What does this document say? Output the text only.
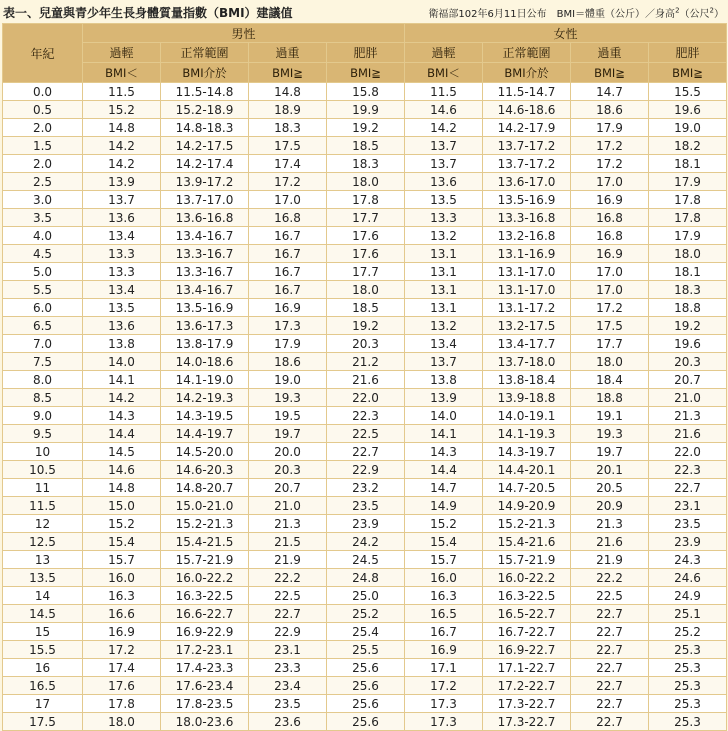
表一、兒童與青少年生長身體質量指數（BMI）建議值	衛福部102年6月11日公布 BMI＝體重（公斤）／身高$^2$（公尺$^2$）
年紀	男性				女性			
	過輕	正常範圍	過重	肥胖	過輕	正常範圍	過重	肥胖
	BMI＜	BMI介於	BMI≧	BMI≧	BMI＜	BMI介於	BMI≧	BMI≧
0.0	11.5	11.5-14.8	14.8	15.8	11.5	11.5-14.7	14.7	15.5
0.5	15.2	15.2-18.9	18.9	19.9	14.6	14.6-18.6	18.6	19.6
2.0	14.8	14.8-18.3	18.3	19.2	14.2	14.2-17.9	17.9	19.0
1.5	14.2	14.2-17.5	17.5	18.5	13.7	13.7-17.2	17.2	18.2
2.0	14.2	14.2-17.4	17.4	18.3	13.7	13.7-17.2	17.2	18.1
2.5	13.9	13.9-17.2	17.2	18.0	13.6	13.6-17.0	17.0	17.9
3.0	13.7	13.7-17.0	17.0	17.8	13.5	13.5-16.9	16.9	17.8
3.5	13.6	13.6-16.8	16.8	17.7	13.3	13.3-16.8	16.8	17.8
4.0	13.4	13.4-16.7	16.7	17.6	13.2	13.2-16.8	16.8	17.9
4.5	13.3	13.3-16.7	16.7	17.6	13.1	13.1-16.9	16.9	18.0
5.0	13.3	13.3-16.7	16.7	17.7	13.1	13.1-17.0	17.0	18.1
5.5	13.4	13.4-16.7	16.7	18.0	13.1	13.1-17.0	17.0	18.3
6.0	13.5	13.5-16.9	16.9	18.5	13.1	13.1-17.2	17.2	18.8
6.5	13.6	13.6-17.3	17.3	19.2	13.2	13.2-17.5	17.5	19.2
7.0	13.8	13.8-17.9	17.9	20.3	13.4	13.4-17.7	17.7	19.6
7.5	14.0	14.0-18.6	18.6	21.2	13.7	13.7-18.0	18.0	20.3
8.0	14.1	14.1-19.0	19.0	21.6	13.8	13.8-18.4	18.4	20.7
8.5	14.2	14.2-19.3	19.3	22.0	13.9	13.9-18.8	18.8	21.0
9.0	14.3	14.3-19.5	19.5	22.3	14.0	14.0-19.1	19.1	21.3
9.5	14.4	14.4-19.7	19.7	22.5	14.1	14.1-19.3	19.3	21.6
10	14.5	14.5-20.0	20.0	22.7	14.3	14.3-19.7	19.7	22.0
10.5	14.6	14.6-20.3	20.3	22.9	14.4	14.4-20.1	20.1	22.3
11	14.8	14.8-20.7	20.7	23.2	14.7	14.7-20.5	20.5	22.7
11.5	15.0	15.0-21.0	21.0	23.5	14.9	14.9-20.9	20.9	23.1
12	15.2	15.2-21.3	21.3	23.9	15.2	15.2-21.3	21.3	23.5
12.5	15.4	15.4-21.5	21.5	24.2	15.4	15.4-21.6	21.6	23.9
13	15.7	15.7-21.9	21.9	24.5	15.7	15.7-21.9	21.9	24.3
13.5	16.0	16.0-22.2	22.2	24.8	16.0	16.0-22.2	22.2	24.6
14	16.3	16.3-22.5	22.5	25.0	16.3	16.3-22.5	22.5	24.9
14.5	16.6	16.6-22.7	22.7	25.2	16.5	16.5-22.7	22.7	25.1
15	16.9	16.9-22.9	22.9	25.4	16.7	16.7-22.7	22.7	25.2
15.5	17.2	17.2-23.1	23.1	25.5	16.9	16.9-22.7	22.7	25.3
16	17.4	17.4-23.3	23.3	25.6	17.1	17.1-22.7	22.7	25.3
16.5	17.6	17.6-23.4	23.4	25.6	17.2	17.2-22.7	22.7	25.3
17	17.8	17.8-23.5	23.5	25.6	17.3	17.3-22.7	22.7	25.3
17.5	18.0	18.0-23.6	23.6	25.6	17.3	17.3-22.7	22.7	25.3
